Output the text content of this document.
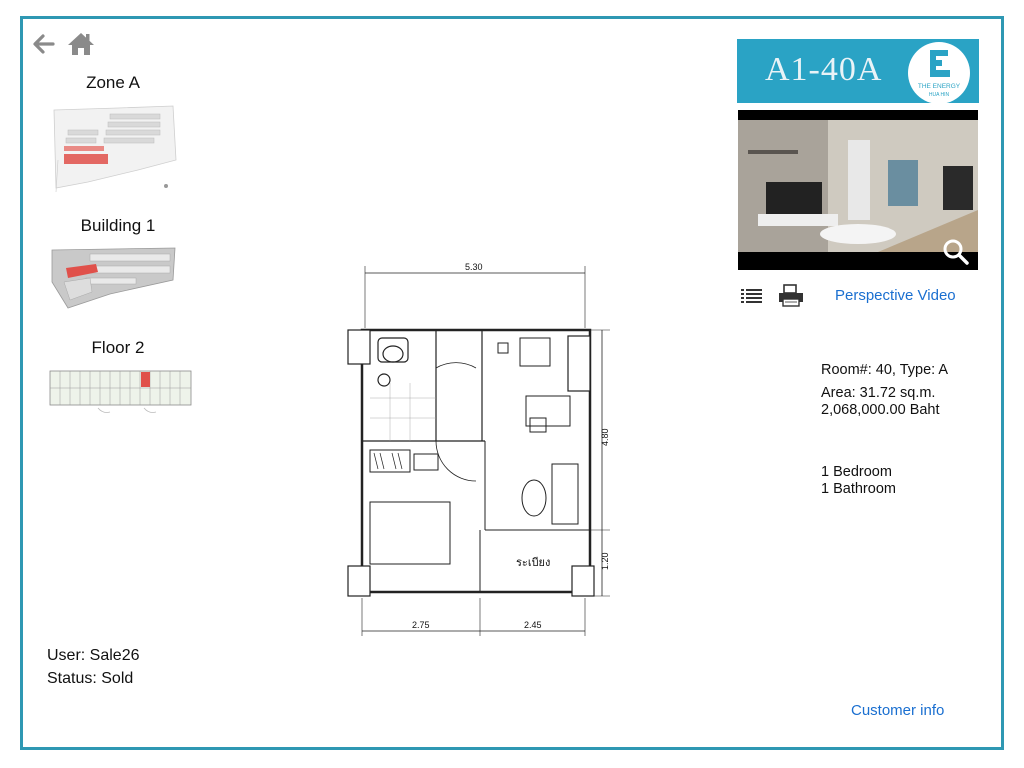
Zone A
Building 1
Floor 2
User: Sale26
Status: Sold
5.30
4.80
1.20
2.75	2.45
ระเบียง
A1-40A	THE ENERGY
HUA HIN
Perspective Video
Room#: 40, Type: A
Area: 31.72 sq.m.
2,068,000.00 Baht
1 Bedroom
1 Bathroom
Customer info
